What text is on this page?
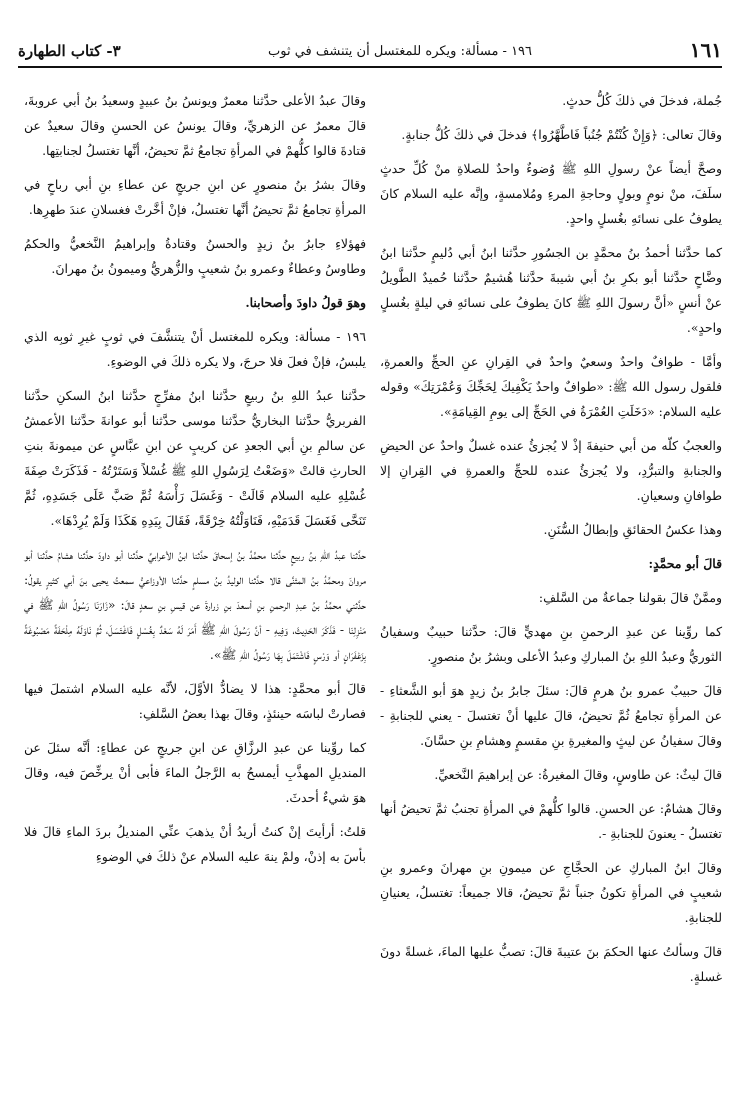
٣- كتاب الطهارة	١٩٦ - مسألة: ويكره للمغتسل أن يتنشف في ثوب	١٦١

جُملة، فدخلَ في ذلكَ كُلُّ حدثٍ.

وقالَ تعالى: ﴿وَإِنْ كُنْتُمْ جُنُباً فَاطَّهَّرُوا﴾ فدخلَ في ذلكَ كُلُّ جنابةٍ.

وصحَّ أيضاً عنْ رسولِ اللهِ ﷺ وُضوءٌ واحدٌ للصلاةِ منْ كُلِّ حدثٍ سلَفَ، منْ نومٍ وبولٍ وحاجةِ المرءِ ومُلامسةٍ، وإنَّه عليه السلام كانَ يطوفُ على نسائهِ بغُسلٍ واحدٍ.

كما حدَّثنا أحمدُ بنُ محمَّدٍ بن الجسُورِ حدَّثنا ابنُ أبي دُليمٍ حدَّثنا ابنُ وضَّاحٍ حدَّثنا أبو بكرِ بنُ أبي شيبةَ حدَّثنا هُشيمٌ حدَّثنا حُميدٌ الطَّويلُ عنْ أنسٍ «أنَّ رسولَ اللهِ ﷺ كانَ يطوفُ على نسائهِ في ليلةٍ بغُسلٍ واحدٍ».

وأمَّا - طوافٌ واحدٌ وسعيٌ واحدٌ في القِرانِ عنِ الحجِّ والعمرةِ، فلقول رسول الله ﷺ: «طوافٌ واحدٌ يَكْفِيكَ لِحَجِّكَ وَعُمْرَتِكَ» وقوله عليه السلام: «دَخَلَتِ العُمْرَةُ في الحَجِّ إلى يومِ القِيامَةِ».

والعجبُ كلّه من أبي حنيفةَ إذْ لا يُجزئُ عنده غسلٌ واحدٌ عن الحيضِ والجنابةِ والتبرُّدِ، ولا يُجزئُ عنده للحجِّ والعمرةِ في القِرانِ إلا طوافانِ وسعيانِ.

وهذا عكسُ الحقائقِ وإبطالُ السُّنَنِ.

قالَ أبو محمَّدٍ:

وممَّنْ قالَ بقولنا جماعةٌ من السَّلفِ:

كما روِّينا عن عبدِ الرحمنِ بنِ مهديٍّ قالَ: حدَّثنا حبيبٌ وسفيانُ الثوريُّ وعبدُ اللهِ بنُ المباركِ وعبدُ الأعلى وبشرُ بنُ منصورٍ.

قالَ حبيبٌ عمرو بنُ هرمٍ قالَ: سئلَ جابرُ بنُ زيدٍ هوَ أبو الشَّعثاءِ - عن المرأةِ تجامعُ ثُمَّ تحيضُ، قالَ عليها أنْ تغتسلَ - يعني للجنابةِ - وقالَ سفيانُ عن ليثٍ والمغيرةِ بنِ مقسمٍ وهشامِ بنِ حسَّانَ.

قالَ ليثٌ: عن طاوسٍ، وقالَ المغيرةُ: عن إبراهيمَ النَّخعيِّ.

وقالَ هشامٌ: عن الحسنِ. قالوا كلُّهمْ في المرأةِ تجنبُ ثمَّ تحيضُ أنها تغتسلُ - يعنونَ للجنابةِ -.

وقالَ ابنُ المباركِ عن الحجَّاجِ عن ميمونِ بنِ مهرانَ وعمرو بنِ شعيبٍ في المرأةِ تكونُ جنباً ثمَّ تحيضُ، قالا جميعاً: تغتسلُ، يعنيانِ للجنابةِ.

قالَ وسألتُ عنها الحكمَ بنَ عتيبةَ قالَ: تصبُّ عليها الماءَ، غسلةً دونَ غسلةٍ.

وقالَ عبدُ الأعلى حدَّثنا معمرٌ ويونسُ بنُ عبيدٍ وسعيدُ بنُ أبي عروبةَ، قالَ معمرٌ عن الزهريِّ، وقالَ يونسُ عن الحسنِ وقالَ سعيدٌ عن قتادةَ قالوا كلُّهمْ في المرأةِ تجامعُ ثمَّ تحيضُ، أنَّها تغتسلُ لجنابتِها.

وقالَ بشرُ بنُ منصورٍ عن ابنِ جريجٍ عن عطاءِ بنِ أبي رباحٍ في المرأةِ تجامعُ ثمَّ تحيضُ أنَّها تغتسلُ، فإنْ أخَّرتْ فغسلانِ عندَ طهرِها.

فهؤلاءِ جابرُ بنُ زيدٍ والحسنُ وقتادةُ وإبراهيمُ النَّخعيُّ والحكمُ وطاوسُ وعطاءٌ وعمرو بنُ شعيبٍ والزُّهريُّ وميمونُ بنُ مهرانَ.

وهوَ قولُ داودَ وأصحابنا.

١٩٦ - مسألة: ويكره للمغتسل أنْ يتنشَّفَ في ثوبٍ غيرِ ثوبِه الذي يلبسُ، فإنْ فعلَ فلا حرجَ، ولا يكره ذلكَ في الوضوءِ.

حدَّثنا عبدُ اللهِ بنُ ربيعٍ حدَّثنا ابنُ مفرِّجٍ حدَّثنا ابنُ السكنِ حدَّثنا الفربريُّ حدَّثنا البخاريُّ حدَّثنا موسى حدَّثنا أبو عوانةَ حدَّثنا الأعمشُ عن سالمِ بنِ أبي الجعدِ عن كريبٍ عن ابنِ عبَّاسٍ عن ميمونةَ بنتِ الحارثِ قالتْ «وَضَعْتُ لِرَسُولِ اللهِ ﷺ غُسْلاً وَسَتَرْتُهُ - فَذَكَرَتْ صِفَةَ غُسْلِهِ عليه السلام قَالَتْ - وَغَسَلَ رَأْسَهُ ثُمَّ صَبَّ عَلَى جَسَدِهِ، ثُمَّ تَنَحَّى فَغَسَلَ قَدَمَيْهِ، فَنَاوَلْتُهُ خِرْقَةً، فَقَالَ بِيَدِهِ هَكَذَا وَلَمْ يُرِدْهَا».

حدَّثنا عبدُ اللهِ بنُ ربيعٍ حدَّثنا محمَّدُ بنُ إسحاقَ حدَّثنا ابنُ الأعرابيِّ حدَّثنا أبو داودَ حدَّثنا هشامُ حدَّثنا أبو مروانَ ومحمَّدُ بنُ المثنَّى قالا حدَّثنا الوليدُ بنُ مسلمٍ حدَّثنا الأوزاعيُّ سمعتُ يحيى بنَ أبي كثيرٍ يقولُ: حدَّثني محمَّدُ بنُ عبدِ الرحمنِ بنِ أسعدَ بنِ زرارةَ عن قيسِ بنِ سعدٍ قالَ: «زَارَنَا رَسُولُ اللهِ ﷺ في مَنْزِلِنَا - فَذَكَرَ الحَدِيثَ، وَفِيهِ - أنَّ رَسُولَ اللهِ ﷺ أَمَرَ لَهُ سَعْدٌ بِغُسْلٍ فَاغْتَسَلَ، ثُمَّ نَاوَلَهُ مِلْحَفَةً مَصْبُوغَةً بِزَعْفَرَانٍ أو وَرْسٍ فَاشْتَمَلَ بِهَا رَسُولُ اللهِ ﷺ».

قالَ أبو محمَّدٍ: هذا لا يضادُّ الأوَّلَ، لأنَّه عليه السلام اشتملَ فيها فصارتْ لباسَه حينئذٍ، وقالَ بهذا بعضُ السَّلفِ:

كما روِّينا عن عبدِ الرزَّاقِ عن ابنِ جريجٍ عن عطاءٍ: أنَّه سئلَ عن المنديلِ المهذَّبِ أيمسحُ به الرَّجلُ الماءَ فأبى أنْ يرخِّصَ فيه، وقالَ هوَ شيءٌ أحدثَ.

قلتُ: أرأيتَ إنْ كنتُ أريدُ أنْ يذهبَ عنِّي المنديلُ بردَ الماءِ قالَ فلا بأسَ به إذنْ، ولمْ ينهَ عليه السلام عنْ ذلكَ في الوضوءِ
